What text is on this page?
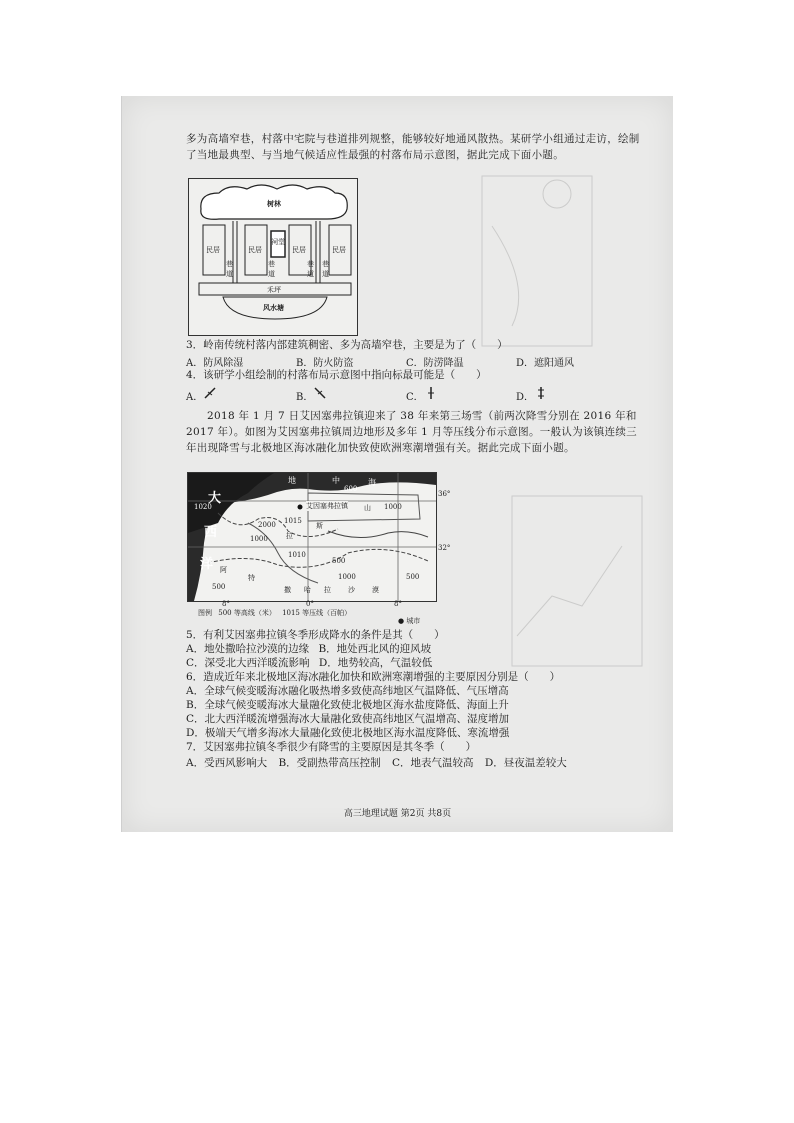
多为高墙窄巷，村落中宅院与巷道排列规整，能够较好地通风散热。某研学小组通过走访，绘制了当地最典型、与当地气候适应性最强的村落布局示意图，据此完成下面小题。
树林
民居	民居	民居	民居
巷道
巷道
巷道
巷道
祠堂
禾坪
风水塘
3．岭南传统村落内部建筑稠密、多为高墙窄巷，主要是为了（　　）
A．防风除湿	B．防火防盗	C．防涝降温	D．遮阳通风
4．该研学小组绘制的村落布局示意图中指向标最可能是（　　）
A．	B．	C．	D．
2018 年 1 月 7 日艾因塞弗拉镇迎来了 38 年来第三场雪（前两次降雪分别在 2016 年和 2017 年）。如图为艾因塞弗拉镇周边地形及多年 1 月等压线分布示意图。一般认为该镇连续三年出现降雪与北极地区海冰融化加快致使欧洲寒潮增强有关。据此完成下面小题。
大
西
洋
地	中	海
艾因塞弗拉镇 山
斯
拉
特
阿
撒 哈 拉 沙 漠
1020
600
1000
2000 1015
1000
1010
500
500
1000	500
36°
32°
8°	0°	8°
图例 500 等高线（米） 1015 等压线（百帕）
● 城市
5．有利艾因塞弗拉镇冬季形成降水的条件是其（　　）
A．地处撒哈拉沙漠的边缘 B．地处西北风的迎风坡
C．深受北大西洋暖流影响 D．地势较高，气温较低
6．造成近年来北极地区海冰融化加快和欧洲寒潮增强的主要原因分别是（　　）
A．全球气候变暖海冰融化吸热增多致使高纬地区气温降低、气压增高
B．全球气候变暖海冰大量融化致使北极地区海水盐度降低、海面上升
C．北大西洋暖流增强海冰大量融化致使高纬地区气温增高、湿度增加
D．极端天气增多海冰大量融化致使北极地区海水温度降低、寒流增强
7．艾因塞弗拉镇冬季很少有降雪的主要原因是其冬季（　　）
A．受西风影响大 B．受副热带高压控制 C．地表气温较高 D．昼夜温差较大
高三地理试题 第2页 共8页
